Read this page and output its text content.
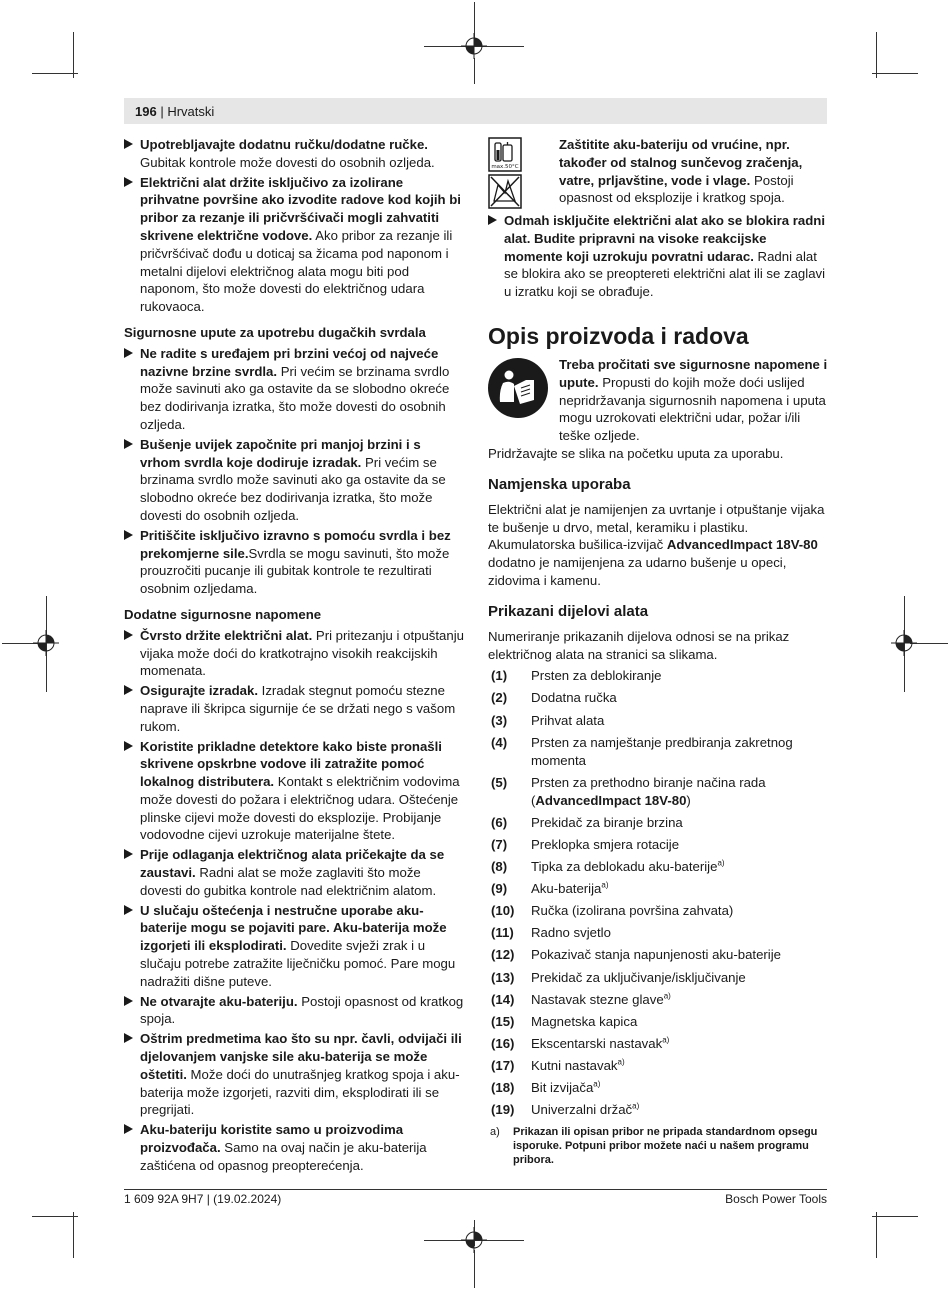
196 | Hrvatski
Upotrebljavajte dodatnu ručku/dodatne ručke. Gubitak kontrole može dovesti do osobnih ozljeda.
Električni alat držite isključivo za izolirane prihvatne površine ako izvodite radove kod kojih bi pribor za rezanje ili pričvršćivači mogli zahvatiti skrivene električne vodove. Ako pribor za rezanje ili pričvršćivač dođu u doticaj sa žicama pod naponom i metalni dijelovi električnog alata mogu biti pod naponom, što može dovesti do električnog udara rukovaoca.
Sigurnosne upute za upotrebu dugačkih svrdala
Ne radite s uređajem pri brzini većoj od najveće nazivne brzine svrdla. Pri većim se brzinama svrdlo može savinuti ako ga ostavite da se slobodno okreće bez dodirivanja izratka, što može dovesti do osobnih ozljeda.
Bušenje uvijek započnite pri manjoj brzini i s vrhom svrdla koje dodiruje izradak. Pri većim se brzinama svrdlo može savinuti ako ga ostavite da se slobodno okreće bez dodirivanja izratka, što može dovesti do osobnih ozljeda.
Pritiščite isključivo izravno s pomoću svrdla i bez prekomjerne sile.Svrdla se mogu savinuti, što može prouzročiti pucanje ili gubitak kontrole te rezultirati osobnim ozljedama.
Dodatne sigurnosne napomene
Čvrsto držite električni alat. Pri pritezanju i otpuštanju vijaka može doći do kratkotrajno visokih reakcijskih momenata.
Osigurajte izradak. Izradak stegnut pomoću stezne naprave ili škripca sigurnije će se držati nego s vašom rukom.
Koristite prikladne detektore kako biste pronašli skrivene opskrbne vodove ili zatražite pomoć lokalnog distributera. Kontakt s električnim vodovima može dovesti do požara i električnog udara. Oštećenje plinske cijevi može dovesti do eksplozije. Probijanje vodovodne cijevi uzrokuje materijalne štete.
Prije odlaganja električnog alata pričekajte da se zaustavi. Radni alat se može zaglaviti što može dovesti do gubitka kontrole nad električnim alatom.
U slučaju oštećenja i nestručne uporabe aku-baterije mogu se pojaviti pare. Aku-baterija može izgorjeti ili eksplodirati. Dovedite svježi zrak i u slučaju potrebe zatražite liječničku pomoć. Pare mogu nadražiti dišne puteve.
Ne otvarajte aku-bateriju. Postoji opasnost od kratkog spoja.
Oštrim predmetima kao što su npr. čavli, odvijači ili djelovanjem vanjske sile aku-baterija se može oštetiti. Može doći do unutrašnjeg kratkog spoja i aku-baterija može izgorjeti, razviti dim, eksplodirati ili se pregrijati.
Aku-bateriju koristite samo u proizvodima proizvođača. Samo na ovaj način je aku-baterija zaštićena od opasnog preopterećenja.
max.50°C
Zaštitite aku-bateriju od vrućine, npr. također od stalnog sunčevog zračenja, vatre, prljavštine, vode i vlage. Postoji opasnost od eksplozije i kratkog spoja.
Odmah isključite električni alat ako se blokira radni alat. Budite pripravni na visoke reakcijske momente koji uzrokuju povratni udarac. Radni alat se blokira ako se preoptereti električni alat ili se zaglavi u izratku koji se obrađuje.
Opis proizvoda i radova
Treba pročitati sve sigurnosne napomene i upute. Propusti do kojih može doći uslijed nepridržavanja sigurnosnih napomena i uputa mogu uzrokovati električni udar, požar i/ili teške ozljede.
Pridržavajte se slika na početku uputa za uporabu.
Namjenska uporaba
Električni alat je namijenjen za uvrtanje i otpuštanje vijaka te bušenje u drvo, metal, keramiku i plastiku. Akumulatorska bušilica-izvijač AdvancedImpact 18V-80 dodatno je namijenjena za udarno bušenje u opeci, zidovima i kamenu.
Prikazani dijelovi alata
Numeriranje prikazanih dijelova odnosi se na prikaz električnog alata na stranici sa slikama.
(1)	Prsten za deblokiranje
(2)	Dodatna ručka
(3)	Prihvat alata
(4)	Prsten za namještanje predbiranja zakretnog momenta
(5)	Prsten za prethodno biranje načina rada (AdvancedImpact 18V-80)
(6)	Prekidač za biranje brzina
(7)	Preklopka smjera rotacije
(8)	Tipka za deblokadu aku-baterije$^{a)}$
(9)	Aku-baterija$^{a)}$
(10)	Ručka (izolirana površina zahvata)
(11)	Radno svjetlo
(12)	Pokazivač stanja napunjenosti aku-baterije
(13)	Prekidač za uključivanje/isključivanje
(14)	Nastavak stezne glave$^{a)}$
(15)	Magnetska kapica
(16)	Ekscentarski nastavak$^{a)}$
(17)	Kutni nastavak$^{a)}$
(18)	Bit izvijača$^{a)}$
(19)	Univerzalni držač$^{a)}$
a)	Prikazan ili opisan pribor ne pripada standardnom opsegu isporuke. Potpuni pribor možete naći u našem programu pribora.
1 609 92A 9H7 | (19.02.2024)	Bosch Power Tools
